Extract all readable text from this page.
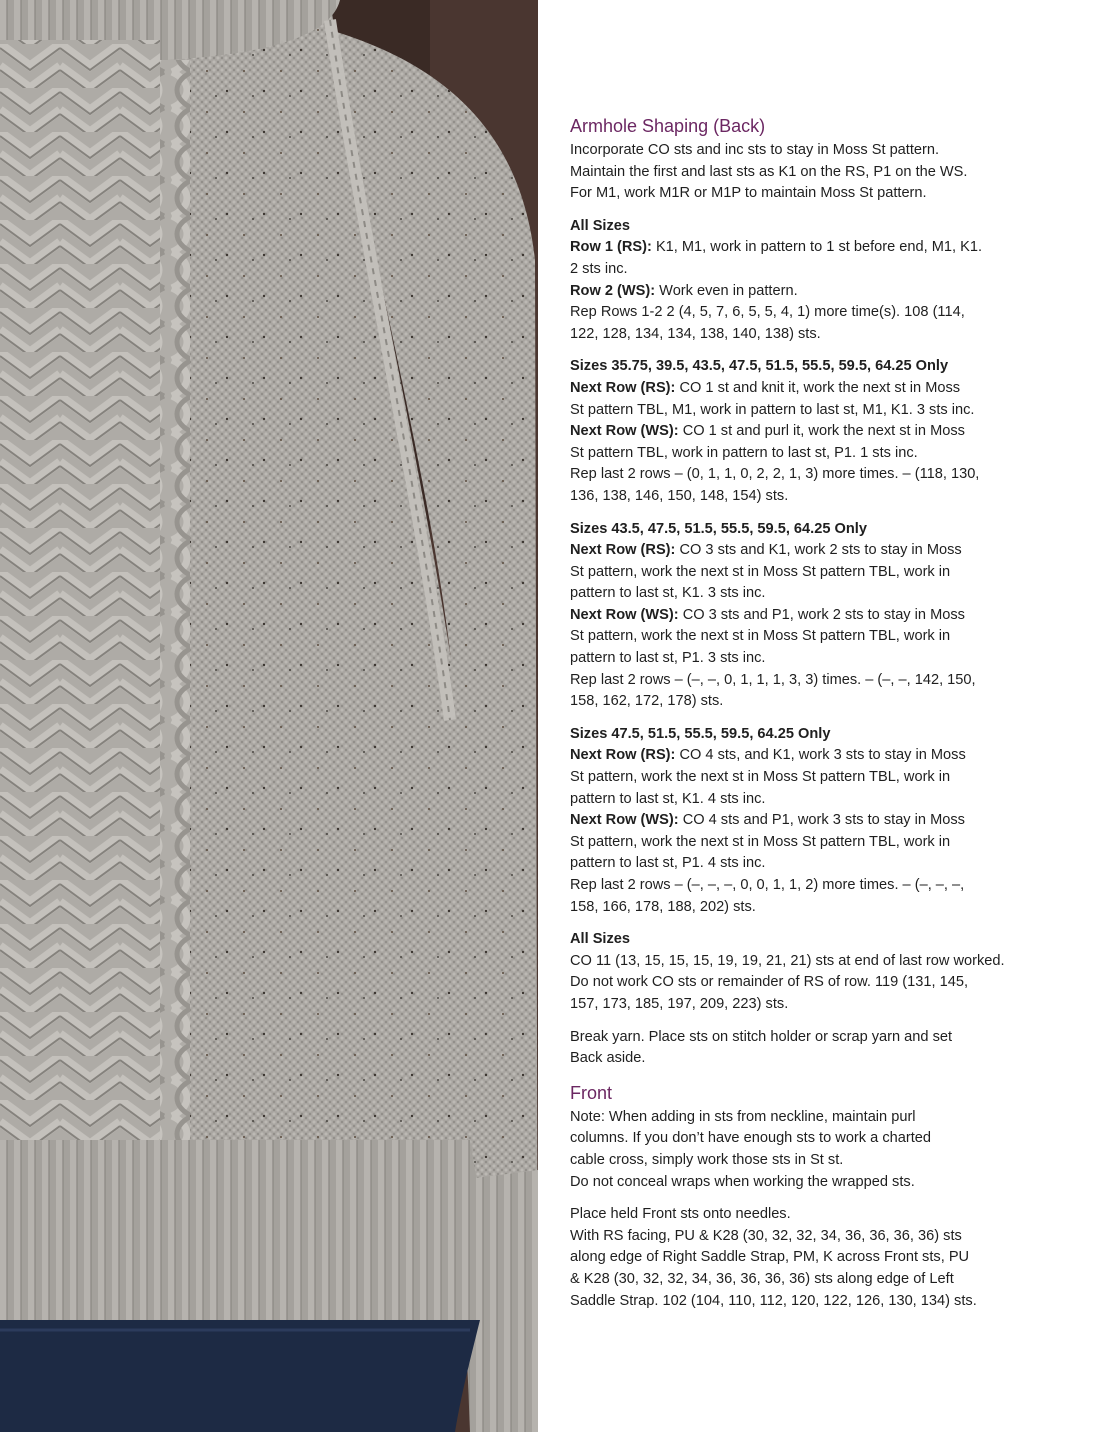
Armhole Shaping (Back)
Incorporate CO sts and inc sts to stay in Moss St pattern.
Maintain the first and last sts as K1 on the RS, P1 on the WS.
For M1, work M1R or M1P to maintain Moss St pattern.
All Sizes
Row 1 (RS): K1, M1, work in pattern to 1 st before end, M1, K1.
2 sts inc.
Row 2 (WS): Work even in pattern.
Rep Rows 1-2 2 (4, 5, 7, 6, 5, 5, 4, 1) more time(s). 108 (114,
122, 128, 134, 134, 138, 140, 138) sts.
Sizes 35.75, 39.5, 43.5, 47.5, 51.5, 55.5, 59.5, 64.25 Only
Next Row (RS): CO 1 st and knit it, work the next st in Moss
St pattern TBL, M1, work in pattern to last st, M1, K1. 3 sts inc.
Next Row (WS): CO 1 st and purl it, work the next st in Moss
St pattern TBL, work in pattern to last st, P1. 1 sts inc.
Rep last 2 rows – (0, 1, 1, 0, 2, 2, 1, 3) more times. – (118, 130,
136, 138, 146, 150, 148, 154) sts.
Sizes 43.5, 47.5, 51.5, 55.5, 59.5, 64.25 Only
Next Row (RS): CO 3 sts and K1, work 2 sts to stay in Moss
St pattern, work the next st in Moss St pattern TBL, work in
pattern to last st, K1. 3 sts inc.
Next Row (WS): CO 3 sts and P1, work 2 sts to stay in Moss
St pattern, work the next st in Moss St pattern TBL, work in
pattern to last st, P1. 3 sts inc.
Rep last 2 rows – (–, –, 0, 1, 1, 1, 3, 3) times. – (–, –, 142, 150,
158, 162, 172, 178) sts.
Sizes 47.5, 51.5, 55.5, 59.5, 64.25 Only
Next Row (RS): CO 4 sts, and K1, work 3 sts to stay in Moss
St pattern, work the next st in Moss St pattern TBL, work in
pattern to last st, K1. 4 sts inc.
Next Row (WS): CO 4 sts and P1, work 3 sts to stay in Moss
St pattern, work the next st in Moss St pattern TBL, work in
pattern to last st, P1. 4 sts inc.
Rep last 2 rows – (–, –, –, 0, 0, 1, 1, 2) more times. – (–, –, –,
158, 166, 178, 188, 202) sts.
All Sizes
CO 11 (13, 15, 15, 15, 19, 19, 21, 21) sts at end of last row worked.
Do not work CO sts or remainder of RS of row. 119 (131, 145,
157, 173, 185, 197, 209, 223) sts.
Break yarn. Place sts on stitch holder or scrap yarn and set
Back aside.
Front
Note: When adding in sts from neckline, maintain purl
columns. If you don’t have enough sts to work a charted
cable cross, simply work those sts in St st.
Do not conceal wraps when working the wrapped sts.
Place held Front sts onto needles.
With RS facing, PU & K28 (30, 32, 32, 34, 36, 36, 36, 36) sts
along edge of Right Saddle Strap, PM, K across Front sts, PU
& K28 (30, 32, 32, 34, 36, 36, 36, 36) sts along edge of Left
Saddle Strap. 102 (104, 110, 112, 120, 122, 126, 130, 134) sts.
